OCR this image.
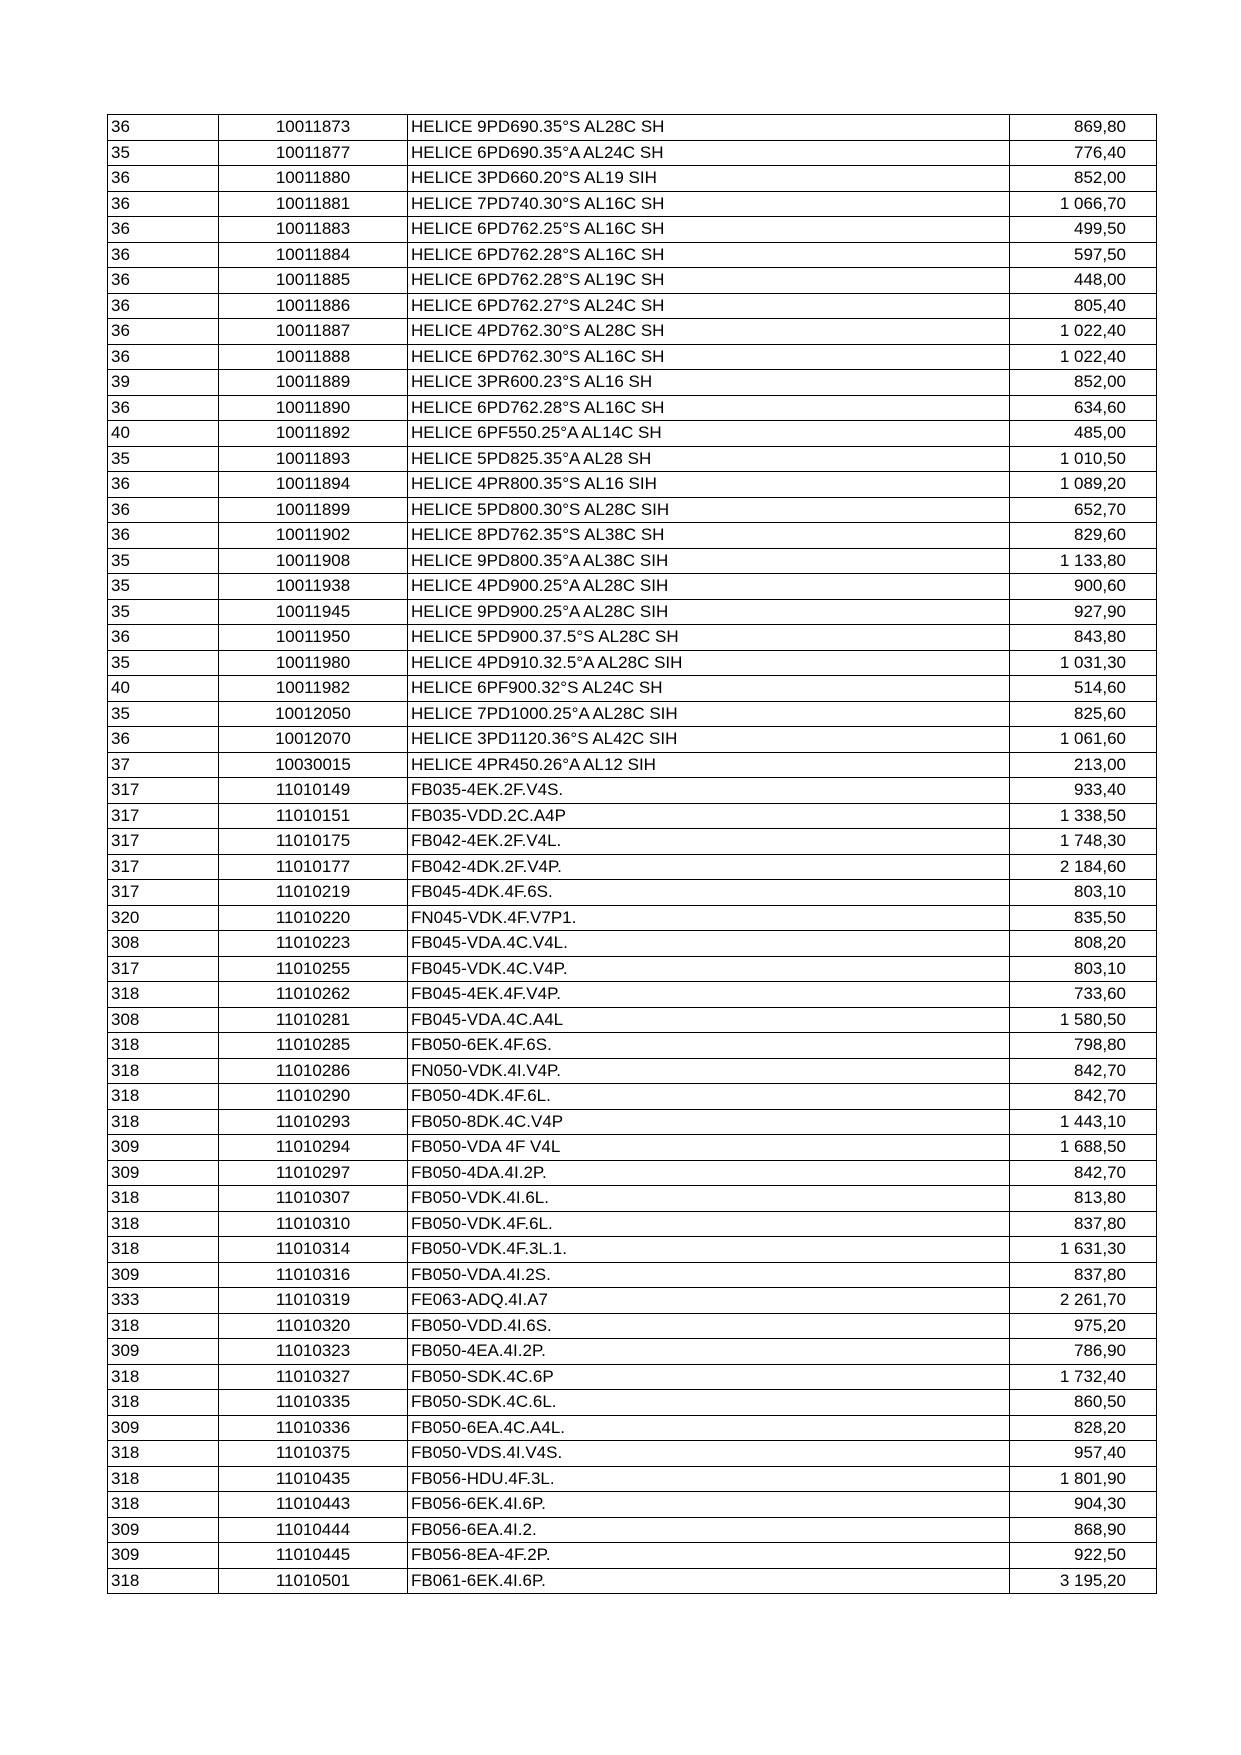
36	10011873	HELICE 9PD690.35°S AL28C SH	869,80
35	10011877	HELICE 6PD690.35°A AL24C SH	776,40
36	10011880	HELICE 3PD660.20°S AL19 SIH	852,00
36	10011881	HELICE 7PD740.30°S AL16C SH	1 066,70
36	10011883	HELICE 6PD762.25°S AL16C SH	499,50
36	10011884	HELICE 6PD762.28°S AL16C SH	597,50
36	10011885	HELICE 6PD762.28°S AL19C SH	448,00
36	10011886	HELICE 6PD762.27°S AL24C SH	805,40
36	10011887	HELICE 4PD762.30°S AL28C SH	1 022,40
36	10011888	HELICE 6PD762.30°S AL16C SH	1 022,40
39	10011889	HELICE 3PR600.23°S AL16 SH	852,00
36	10011890	HELICE 6PD762.28°S AL16C SH	634,60
40	10011892	HELICE 6PF550.25°A AL14C SH	485,00
35	10011893	HELICE 5PD825.35°A AL28 SH	1 010,50
36	10011894	HELICE 4PR800.35°S AL16 SIH	1 089,20
36	10011899	HELICE 5PD800.30°S AL28C SIH	652,70
36	10011902	HELICE 8PD762.35°S AL38C SH	829,60
35	10011908	HELICE 9PD800.35°A AL38C SIH	1 133,80
35	10011938	HELICE 4PD900.25°A AL28C SIH	900,60
35	10011945	HELICE 9PD900.25°A AL28C SIH	927,90
36	10011950	HELICE 5PD900.37.5°S AL28C SH	843,80
35	10011980	HELICE 4PD910.32.5°A AL28C SIH	1 031,30
40	10011982	HELICE 6PF900.32°S AL24C SH	514,60
35	10012050	HELICE 7PD1000.25°A AL28C SIH	825,60
36	10012070	HELICE 3PD1120.36°S AL42C SIH	1 061,60
37	10030015	HELICE 4PR450.26°A AL12 SIH	213,00
317	11010149	FB035-4EK.2F.V4S.	933,40
317	11010151	FB035-VDD.2C.A4P	1 338,50
317	11010175	FB042-4EK.2F.V4L.	1 748,30
317	11010177	FB042-4DK.2F.V4P.	2 184,60
317	11010219	FB045-4DK.4F.6S.	803,10
320	11010220	FN045-VDK.4F.V7P1.	835,50
308	11010223	FB045-VDA.4C.V4L.	808,20
317	11010255	FB045-VDK.4C.V4P.	803,10
318	11010262	FB045-4EK.4F.V4P.	733,60
308	11010281	FB045-VDA.4C.A4L	1 580,50
318	11010285	FB050-6EK.4F.6S.	798,80
318	11010286	FN050-VDK.4I.V4P.	842,70
318	11010290	FB050-4DK.4F.6L.	842,70
318	11010293	FB050-8DK.4C.V4P	1 443,10
309	11010294	FB050-VDA 4F V4L	1 688,50
309	11010297	FB050-4DA.4I.2P.	842,70
318	11010307	FB050-VDK.4I.6L.	813,80
318	11010310	FB050-VDK.4F.6L.	837,80
318	11010314	FB050-VDK.4F.3L.1.	1 631,30
309	11010316	FB050-VDA.4I.2S.	837,80
333	11010319	FE063-ADQ.4I.A7	2 261,70
318	11010320	FB050-VDD.4I.6S.	975,20
309	11010323	FB050-4EA.4I.2P.	786,90
318	11010327	FB050-SDK.4C.6P	1 732,40
318	11010335	FB050-SDK.4C.6L.	860,50
309	11010336	FB050-6EA.4C.A4L.	828,20
318	11010375	FB050-VDS.4I.V4S.	957,40
318	11010435	FB056-HDU.4F.3L.	1 801,90
318	11010443	FB056-6EK.4I.6P.	904,30
309	11010444	FB056-6EA.4I.2.	868,90
309	11010445	FB056-8EA-4F.2P.	922,50
318	11010501	FB061-6EK.4I.6P.	3 195,20
